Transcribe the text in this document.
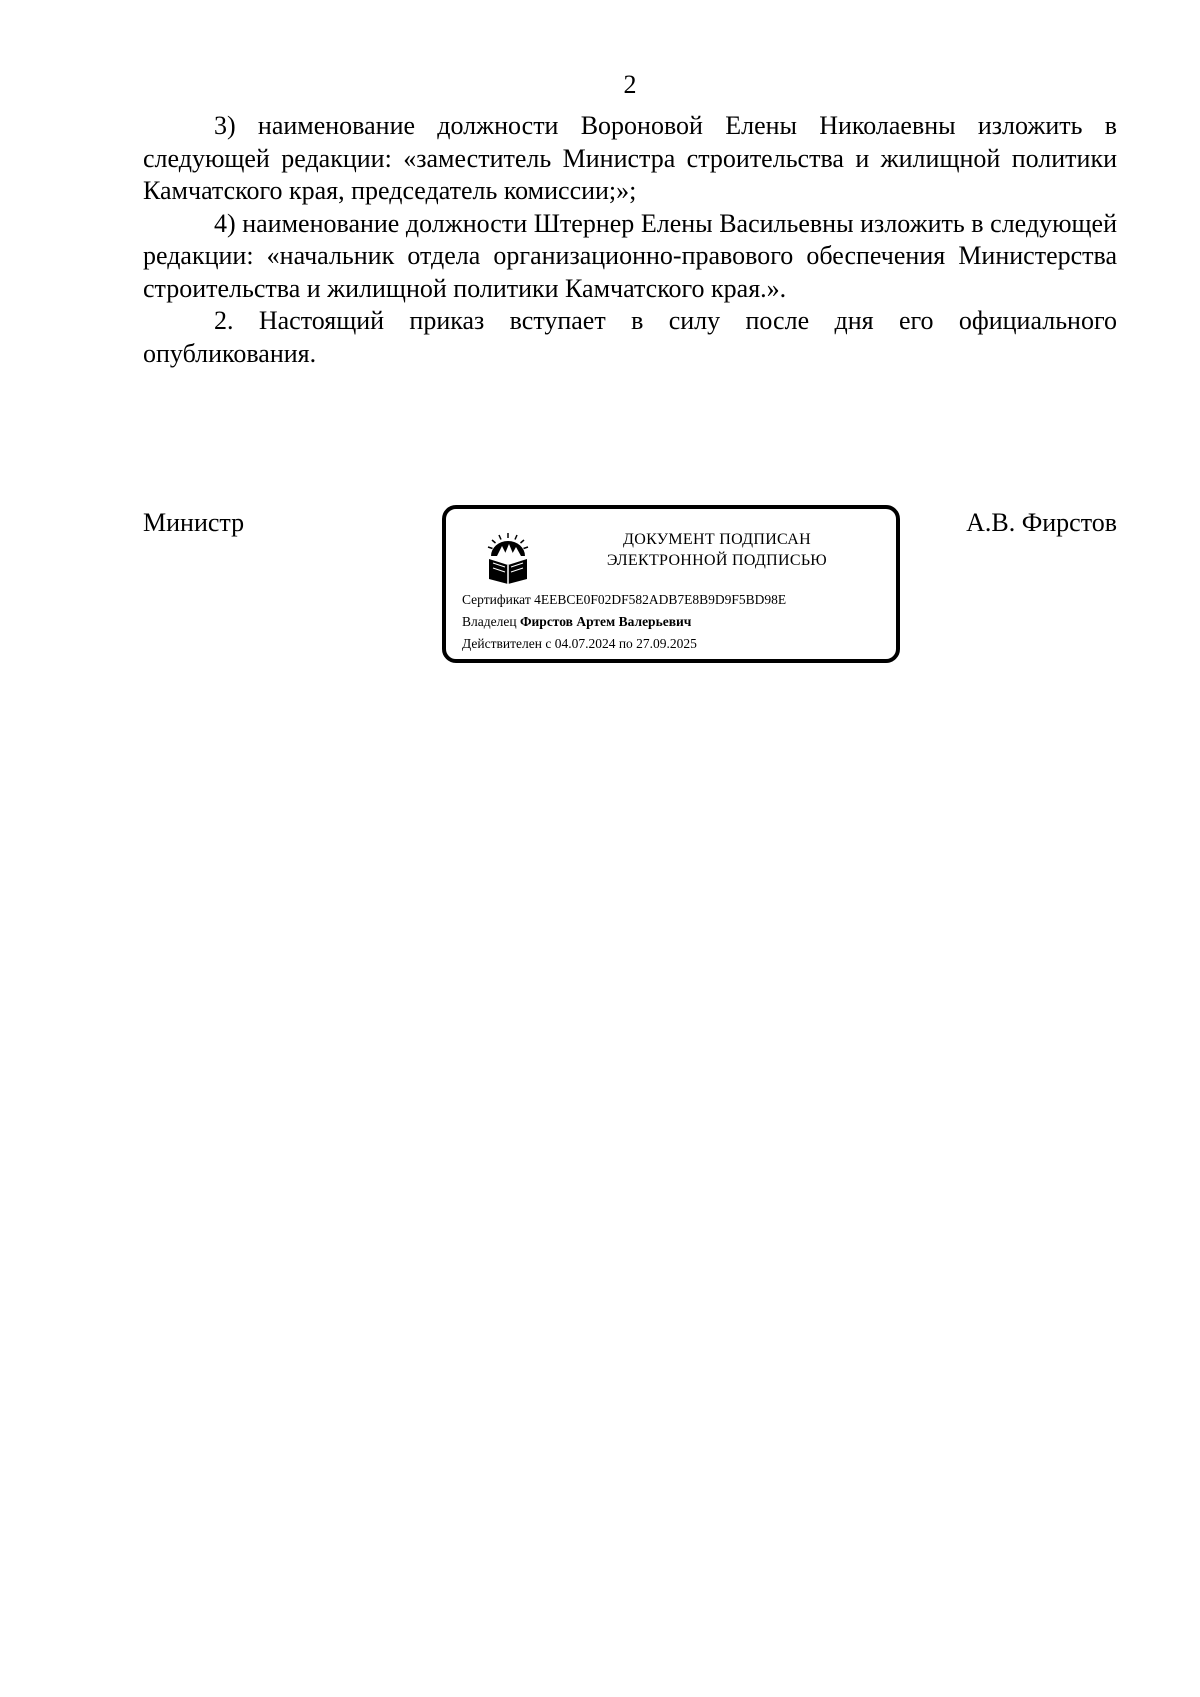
2

3) наименование должности Вороновой Елены Николаевны изложить в следующей редакции: «заместитель Министра строительства и жилищной политики Камчатского края, председатель комиссии;»;

4) наименование должности Штернер Елены Васильевны изложить в следующей редакции: «начальник отдела организационно-правового обеспечения Министерства строительства и жилищной политики Камчатского края.».

2. Настоящий приказ вступает в силу после дня его официального опубликования.

Министр
ДОКУМЕНТ ПОДПИСАН
ЭЛЕКТРОННОЙ ПОДПИСЬЮ
Сертификат 4EEBCE0F02DF582ADB7E8B9D9F5BD98E
Владелец Фирстов Артем Валерьевич
Действителен с 04.07.2024 по 27.09.2025
А.В. Фирстов
